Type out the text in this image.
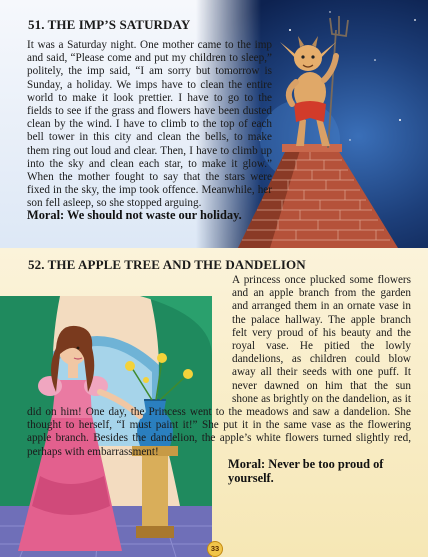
51. THE IMP’S SATURDAY
It was a Saturday night. One mother came to the imp and said, “Please come and put my children to sleep,” politely, the imp said, “I am sorry but tomorrow is Sunday, a holiday. We imps have to clean the entire world to make it look prettier. I have to go to the fields to see if the grass and flowers have been dusted clean by the wind. I have to climb to the top of each bell tower in this city and clean the bells, to make them ring out loud and clear. Then, I have to climb up into the sky and clean each star, to make it glow.” When the mother fought to say that the stars were fixed in the sky, the imp took offence. Meanwhile, her son fell asleep, so she stopped arguing.
Moral: We should not waste our holiday.
52. THE APPLE TREE AND THE DANDELION
A princess once plucked some flowers and an apple branch from the garden and arranged them in an ornate vase in the palace hallway. The apple branch felt very proud of his beauty and the royal vase. He pitied the lowly dandelions, as children could blow away all their seeds with one puff. It never dawned on him that the sun shone as brightly on the dandelion, as it did on him! One day, the Princess went to the meadows and saw a dandelion. She thought to herself, “I must paint it!” She put it in the same vase as the flowering apple branch. Besides the dandelion, the apple’s white flowers turned slightly red, perhaps with embarrassment!
Moral: Never be too proud of yourself.
33
